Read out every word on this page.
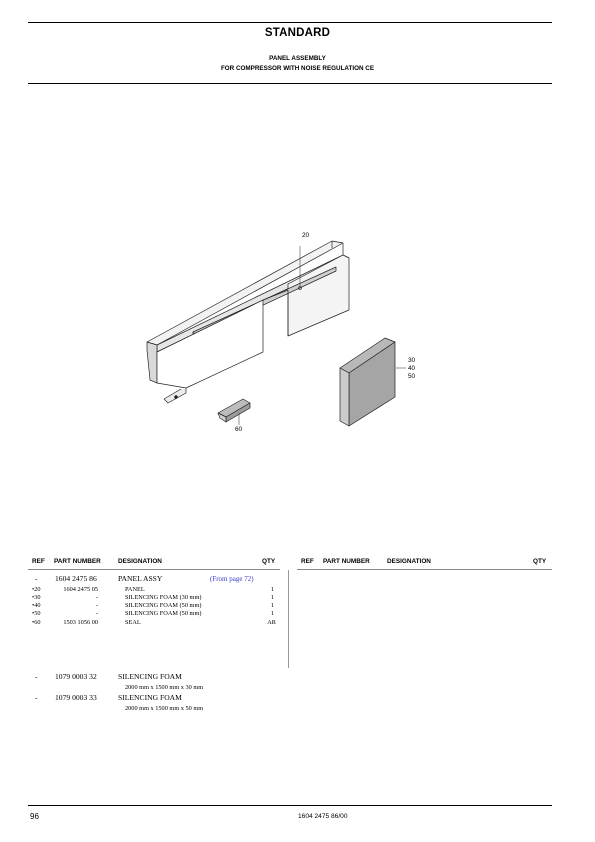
STANDARD
PANEL ASSEMBLY
FOR COMPRESSOR WITH NOISE REGULATION CE
20
30
40
50
60
REF PART NUMBER	DESIGNATION	QTY	REF PART NUMBER	DESIGNATION	QTY
- 1604 2475 86	PANEL ASSY	(From page 72)
•20	1604 2475 05	PANEL	1
•30	-	SILENCING FOAM (30 mm)	1
•40	-	SILENCING FOAM (50 mm)	1
•50	-	SILENCING FOAM (50 mm)	1
•60	1503 1056 00	SEAL	AR
- 1079 0003 32	SILENCING FOAM
2000 mm x 1500 mm x 30 mm
- 1079 0003 33	SILENCING FOAM
2000 mm x 1500 mm x 50 mm
96	1604 2475 86/00
